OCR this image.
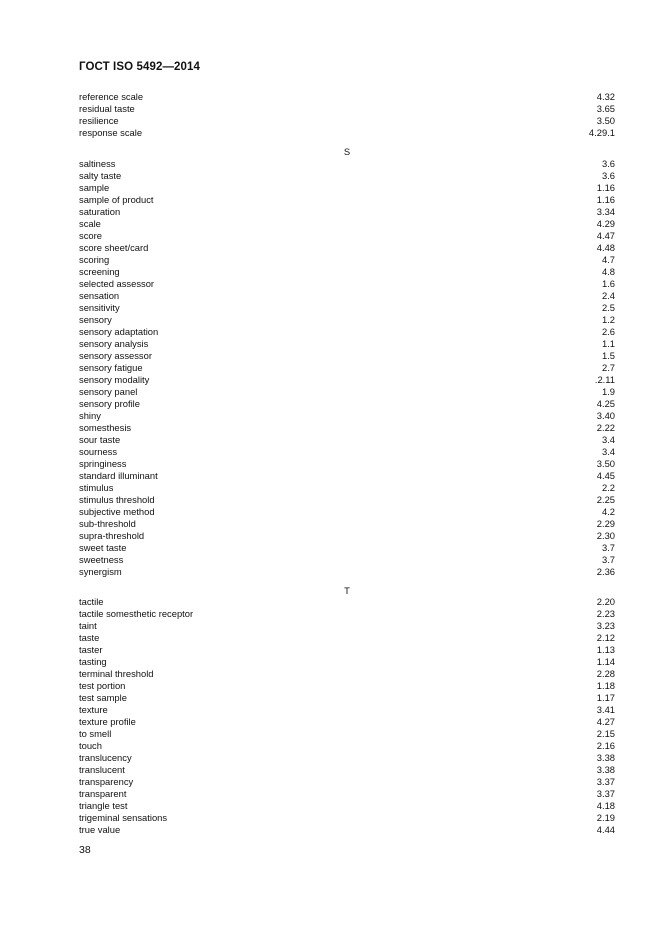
ГОСТ ISO 5492—2014
reference scale	4.32
residual taste	3.65
resilience	3.50
response scale	4.29.1
S
saltiness	3.6
salty taste	3.6
sample	1.16
sample of product	1.16
saturation	3.34
scale	4.29
score	4.47
score sheet/card	4.48
scoring	4.7
screening	4.8
selected assessor	1.6
sensation	2.4
sensitivity	2.5
sensory	1.2
sensory adaptation	2.6
sensory analysis	1.1
sensory assessor	1.5
sensory fatigue	2.7
sensory modality	.2.11
sensory panel	1.9
sensory profile	4.25
shiny	3.40
somesthesis	2.22
sour taste	3.4
sourness	3.4
springiness	3.50
standard illuminant	4.45
stimulus	2.2
stimulus threshold	2.25
subjective method	4.2
sub-threshold	2.29
supra-threshold	2.30
sweet taste	3.7
sweetness	3.7
synergism	2.36
T
tactile	2.20
tactile somesthetic receptor	2.23
taint	3.23
taste	2.12
taster	1.13
tasting	1.14
terminal threshold	2.28
test portion	1.18
test sample	1.17
texture	3.41
texture profile	4.27
to smell	2.15
touch	2.16
translucency	3.38
translucent	3.38
transparency	3.37
transparent	3.37
triangle test	4.18
trigeminal sensations	2.19
true value	4.44
38
